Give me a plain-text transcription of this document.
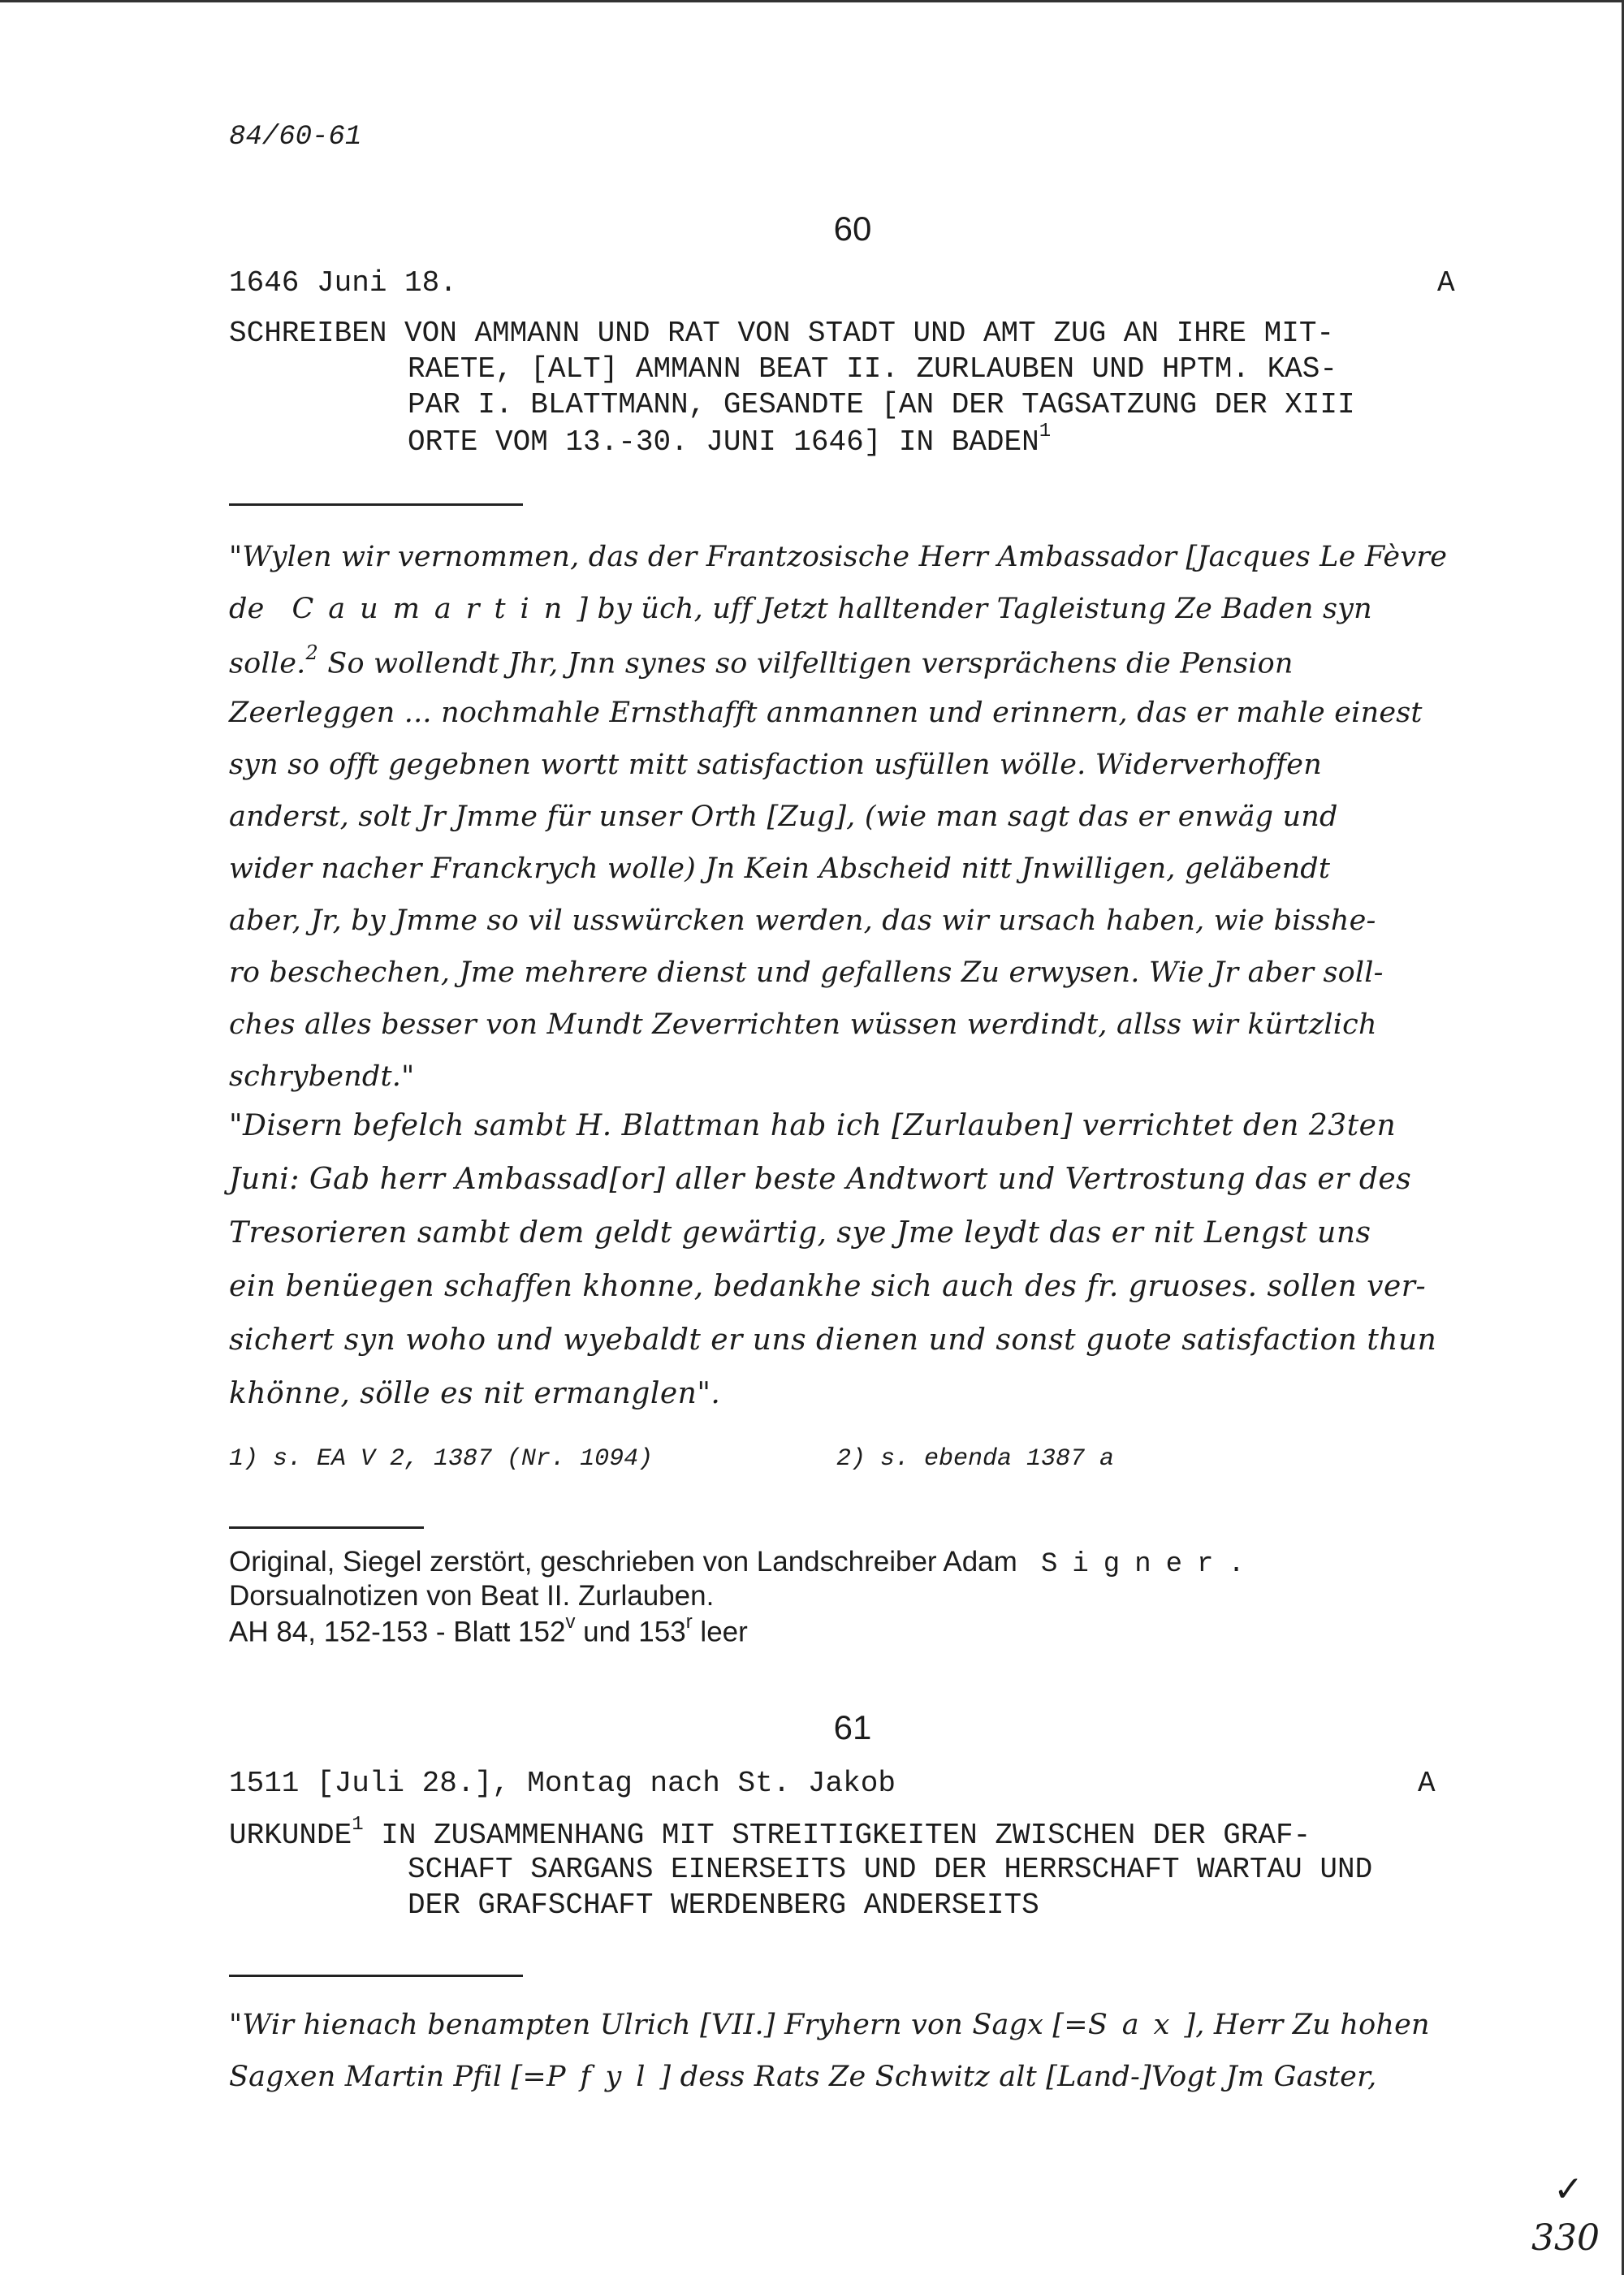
84/60-61
60
1646 Juni 18.	A
SCHREIBEN VON AMMANN UND RAT VON STADT UND AMT ZUG AN IHRE MIT-
RAETE, [ALT] AMMANN BEAT II. ZURLAUBEN UND HPTM. KAS-
PAR I. BLATTMANN, GESANDTE [AN DER TAGSATZUNG DER XIII
ORTE VOM 13.-30. JUNI 1646] IN BADEN$^1$
"Wylen wir vernommen, das der Frantzosische Herr Ambassador [Jacques Le Fèvre
de Caumartin] by üch, uff Jetzt halltender Tagleistung Ze Baden syn
solle.$^2$ So wollendt Jhr, Jnn synes so vilfelltigen versprächens die Pension
Zeerleggen ... nochmahle Ernsthafft anmannen und erinnern, das er mahle einest
syn so offt gegebnen wortt mitt satisfaction usfüllen wölle. Widerverhoffen
anderst, solt Jr Jmme für unser Orth [Zug], (wie man sagt das er enwäg und
wider nacher Franckrych wolle) Jn Kein Abscheid nitt Jnwilligen, geläbendt
aber, Jr, by Jmme so vil usswürcken werden, das wir ursach haben, wie bisshe-
ro beschechen, Jme mehrere dienst und gefallens Zu erwysen. Wie Jr aber soll-
ches alles besser von Mundt Zeverrichten wüssen werdindt, allss wir kürtzlich
schrybendt."
"Disern befelch sambt H. Blattman hab ich [Zurlauben] verrichtet den 23ten
Juni: Gab herr Ambassad[or] aller beste Andtwort und Vertrostung das er des
Tresorieren sambt dem geldt gewärtig, sye Jme leydt das er nit Lengst uns
ein benüegen schaffen khonne, bedankhe sich auch des fr. gruoses. sollen ver-
sichert syn woho und wyebaldt er uns dienen und sonst guote satisfaction thun
khönne, sölle es nit ermanglen".
1) s. EA V 2, 1387 (Nr. 1094)	2) s. ebenda 1387 a
Original, Siegel zerstört, geschrieben von Landschreiber Adam Signer.
Dorsualnotizen von Beat II. Zurlauben.
AH 84, 152-153 - Blatt 152$^v$ und 153$^r$ leer
61
1511 [Juli 28.], Montag nach St. Jakob	A
URKUNDE$^1$ IN ZUSAMMENHANG MIT STREITIGKEITEN ZWISCHEN DER GRAF-
SCHAFT SARGANS EINERSEITS UND DER HERRSCHAFT WARTAU UND
DER GRAFSCHAFT WERDENBERG ANDERSEITS
"Wir hienach benampten Ulrich [VII.] Fryhern von Sagx [=Sax], Herr Zu hohen
Sagxen Martin Pfil [=Pfyl] dess Rats Ze Schwitz alt [Land-]Vogt Jm Gaster,
✓
330
